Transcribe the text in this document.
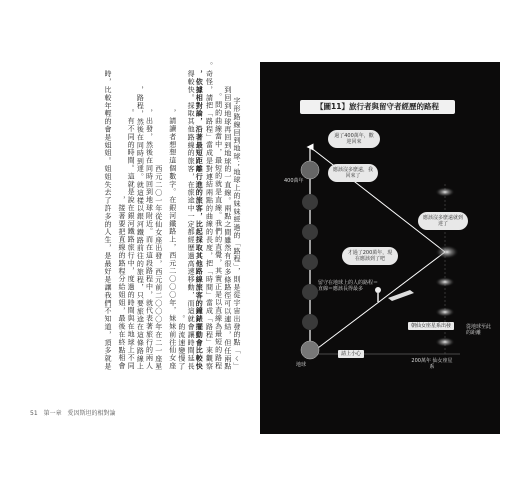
「ㄑ」字形路線回到地球；地球上的妹妹經過的「路程」，則是從宇宙出發的點到回到地球再回到地球的一直線。兩點之間雖然有很多條路徑可以連結，但任兩點問的曲線當中，最短的就是直線。我們的直覺，其實正是以直線為最短的路程。奇怪，請把「路程」當成是對連結兩點的曲線的長度，把「時間」當成「路程」來觀察。依據相對論，沿著最短距離行進的旅客，比起採取其他路線旅客的鐘錶擺動會比較快，得較快。採取其他路線的旅客，在旅途中一定都經歷過高速移動，而這就會讓時間延長的流速變慢了。請讀者想想這個數字。在銀河鐵路上，西元二〇〇〇年，妹妹前往仙女座，西元二〇一年從仙女座出發，西元前二〇〇〇年在二一座星出發，然後在同時回到地球附近。而在這段路程中，就代表著旅行的兩人，路程，然後在同時到達。就這樣以銀河鐵路前往的旅程，只要旅途在這條路線上，有不同的時間。這就是說在銀河鐵路旅行中，度過的時間與在地球上不同。接著要把直線的路程分給姐姐，最後在終點相會，時，比較年輕的會是姐姐。姐姐失去了許多的人生，是最好是讓我們不知道，頂多就是
51 第一章 愛因斯坦的相對論
【圖11】旅行者與留守者經歷的路程
過了400萬年，歡迎回來
應該沒多麼遠，我回來了
應該沒多麼遠就到達了
才過了200萬年，現在應該到了吧
400萬年
留守在地球上的人的路程＝直線＝應該長得最多
朝仙女座星系出發
地球
請上小心
200萬年 仙女座星系
從地球至此的距離
